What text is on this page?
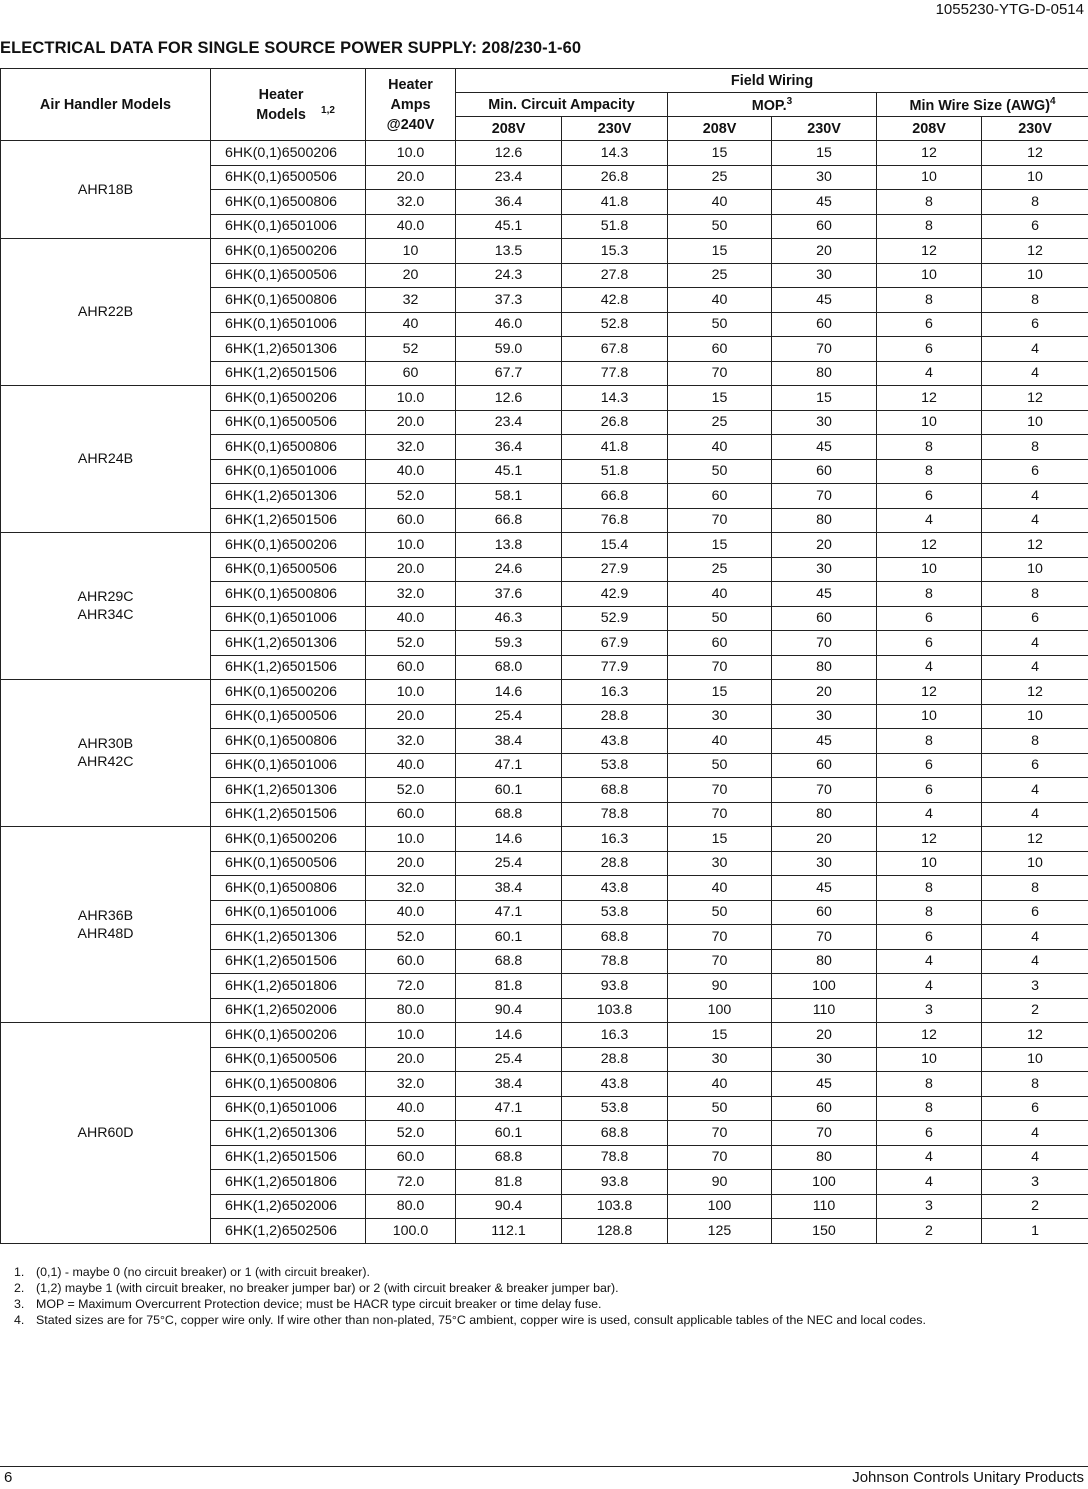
1055230-YTG-D-0514
ELECTRICAL DATA FOR SINGLE SOURCE POWER SUPPLY: 208/230-1-60
Air Handler Models	Heater Models $^{1,2}$	Heater Amps @240V	Field Wiring					
			Min. Circuit Ampacity		MOP.$^3$		Min Wire Size (AWG)$^4$
			208V	230V	208V	230V	208V	230V
AHR18B	6HK(0,1)6500206	10.0	12.6	14.3	15	15	12	12
	6HK(0,1)6500506	20.0	23.4	26.8	25	30	10	10
	6HK(0,1)6500806	32.0	36.4	41.8	40	45	8	8
	6HK(0,1)6501006	40.0	45.1	51.8	50	60	8	6
AHR22B	6HK(0,1)6500206	10	13.5	15.3	15	20	12	12
	6HK(0,1)6500506	20	24.3	27.8	25	30	10	10
	6HK(0,1)6500806	32	37.3	42.8	40	45	8	8
	6HK(0,1)6501006	40	46.0	52.8	50	60	6	6
	6HK(1,2)6501306	52	59.0	67.8	60	70	6	4
	6HK(1,2)6501506	60	67.7	77.8	70	80	4	4
AHR24B	6HK(0,1)6500206	10.0	12.6	14.3	15	15	12	12
	6HK(0,1)6500506	20.0	23.4	26.8	25	30	10	10
	6HK(0,1)6500806	32.0	36.4	41.8	40	45	8	8
	6HK(0,1)6501006	40.0	45.1	51.8	50	60	8	6
	6HK(1,2)6501306	52.0	58.1	66.8	60	70	6	4
	6HK(1,2)6501506	60.0	66.8	76.8	70	80	4	4
AHR29C
AHR34C	6HK(0,1)6500206	10.0	13.8	15.4	15	20	12	12
	6HK(0,1)6500506	20.0	24.6	27.9	25	30	10	10
	6HK(0,1)6500806	32.0	37.6	42.9	40	45	8	8
	6HK(0,1)6501006	40.0	46.3	52.9	50	60	6	6
	6HK(1,2)6501306	52.0	59.3	67.9	60	70	6	4
	6HK(1,2)6501506	60.0	68.0	77.9	70	80	4	4
AHR30B
AHR42C	6HK(0,1)6500206	10.0	14.6	16.3	15	20	12	12
	6HK(0,1)6500506	20.0	25.4	28.8	30	30	10	10
	6HK(0,1)6500806	32.0	38.4	43.8	40	45	8	8
	6HK(0,1)6501006	40.0	47.1	53.8	50	60	6	6
	6HK(1,2)6501306	52.0	60.1	68.8	70	70	6	4
	6HK(1,2)6501506	60.0	68.8	78.8	70	80	4	4
AHR36B
AHR48D	6HK(0,1)6500206	10.0	14.6	16.3	15	20	12	12
	6HK(0,1)6500506	20.0	25.4	28.8	30	30	10	10
	6HK(0,1)6500806	32.0	38.4	43.8	40	45	8	8
	6HK(0,1)6501006	40.0	47.1	53.8	50	60	8	6
	6HK(1,2)6501306	52.0	60.1	68.8	70	70	6	4
	6HK(1,2)6501506	60.0	68.8	78.8	70	80	4	4
	6HK(1,2)6501806	72.0	81.8	93.8	90	100	4	3
	6HK(1,2)6502006	80.0	90.4	103.8	100	110	3	2
AHR60D	6HK(0,1)6500206	10.0	14.6	16.3	15	20	12	12
	6HK(0,1)6500506	20.0	25.4	28.8	30	30	10	10
	6HK(0,1)6500806	32.0	38.4	43.8	40	45	8	8
	6HK(0,1)6501006	40.0	47.1	53.8	50	60	8	6
	6HK(1,2)6501306	52.0	60.1	68.8	70	70	6	4
	6HK(1,2)6501506	60.0	68.8	78.8	70	80	4	4
	6HK(1,2)6501806	72.0	81.8	93.8	90	100	4	3
	6HK(1,2)6502006	80.0	90.4	103.8	100	110	3	2
	6HK(1,2)6502506	100.0	112.1	128.8	125	150	2	1
1. (0,1) - maybe 0 (no circuit breaker) or 1 (with circuit breaker).
2. (1,2) maybe 1 (with circuit breaker, no breaker jumper bar) or 2 (with circuit breaker & breaker jumper bar).
3. MOP = Maximum Overcurrent Protection device; must be HACR type circuit breaker or time delay fuse.
4. Stated sizes are for 75°C, copper wire only. If wire other than non-plated, 75°C ambient, copper wire is used, consult applicable tables of the NEC and local codes.
6	Johnson Controls Unitary Products
